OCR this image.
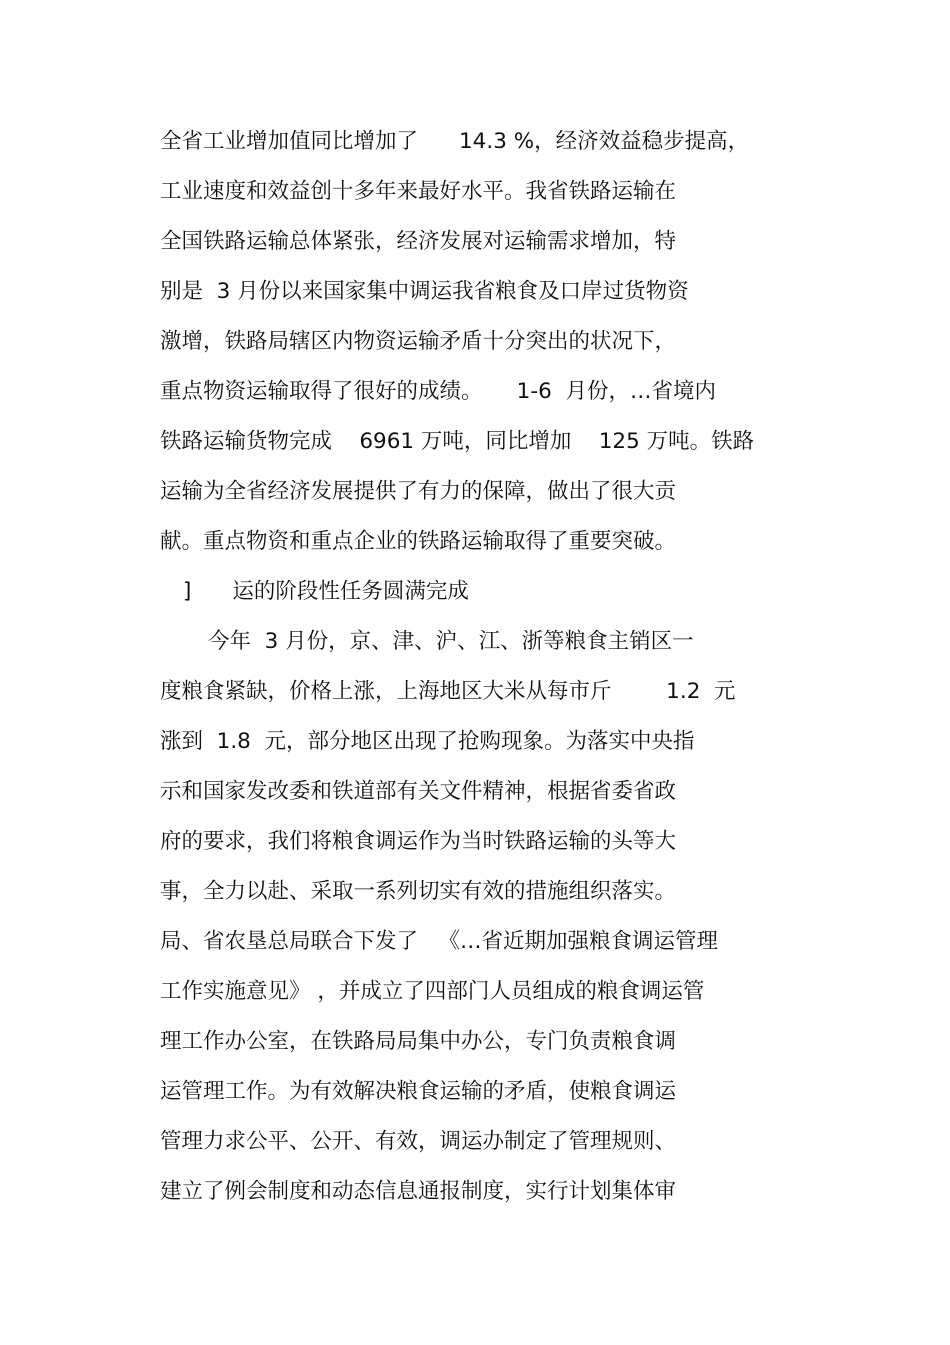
全省工业增加值同比增加了      14.3 %，经济效益稳步提高，
工业速度和效益创十多年来最好水平。我省铁路运输在
全国铁路运输总体紧张，经济发展对运输需求增加，特
别是  3 月份以来国家集中调运我省粮食及口岸过货物资
激增，铁路局辖区内物资运输矛盾十分突出的状况下，
重点物资运输取得了很好的成绩。     1-6  月份，…省境内
铁路运输货物完成    6961 万吨，同比增加    125 万吨。铁路
运输为全省经济发展提供了有力的保障，做出了很大贡
献。重点物资和重点企业的铁路运输取得了重要突破。
]      运的阶段性任务圆满完成
今年  3 月份，京、津、沪、江、浙等粮食主销区一
度粮食紧缺，价格上涨，上海地区大米从每市斤        1.2  元
涨到  1.8  元，部分地区出现了抢购现象。为落实中央指
示和国家发改委和铁道部有关文件精神，根据省委省政
府的要求，我们将粮食调运作为当时铁路运输的头等大
事，全力以赴、采取一系列切实有效的措施组织落实。
局、省农垦总局联合下发了   《…省近期加强粮食调运管理
工作实施意见》 ，并成立了四部门人员组成的粮食调运管
理工作办公室，在铁路局局集中办公，专门负责粮食调
运管理工作。为有效解决粮食运输的矛盾，使粮食调运
管理力求公平、公开、有效，调运办制定了管理规则、
建立了例会制度和动态信息通报制度，实行计划集体审
